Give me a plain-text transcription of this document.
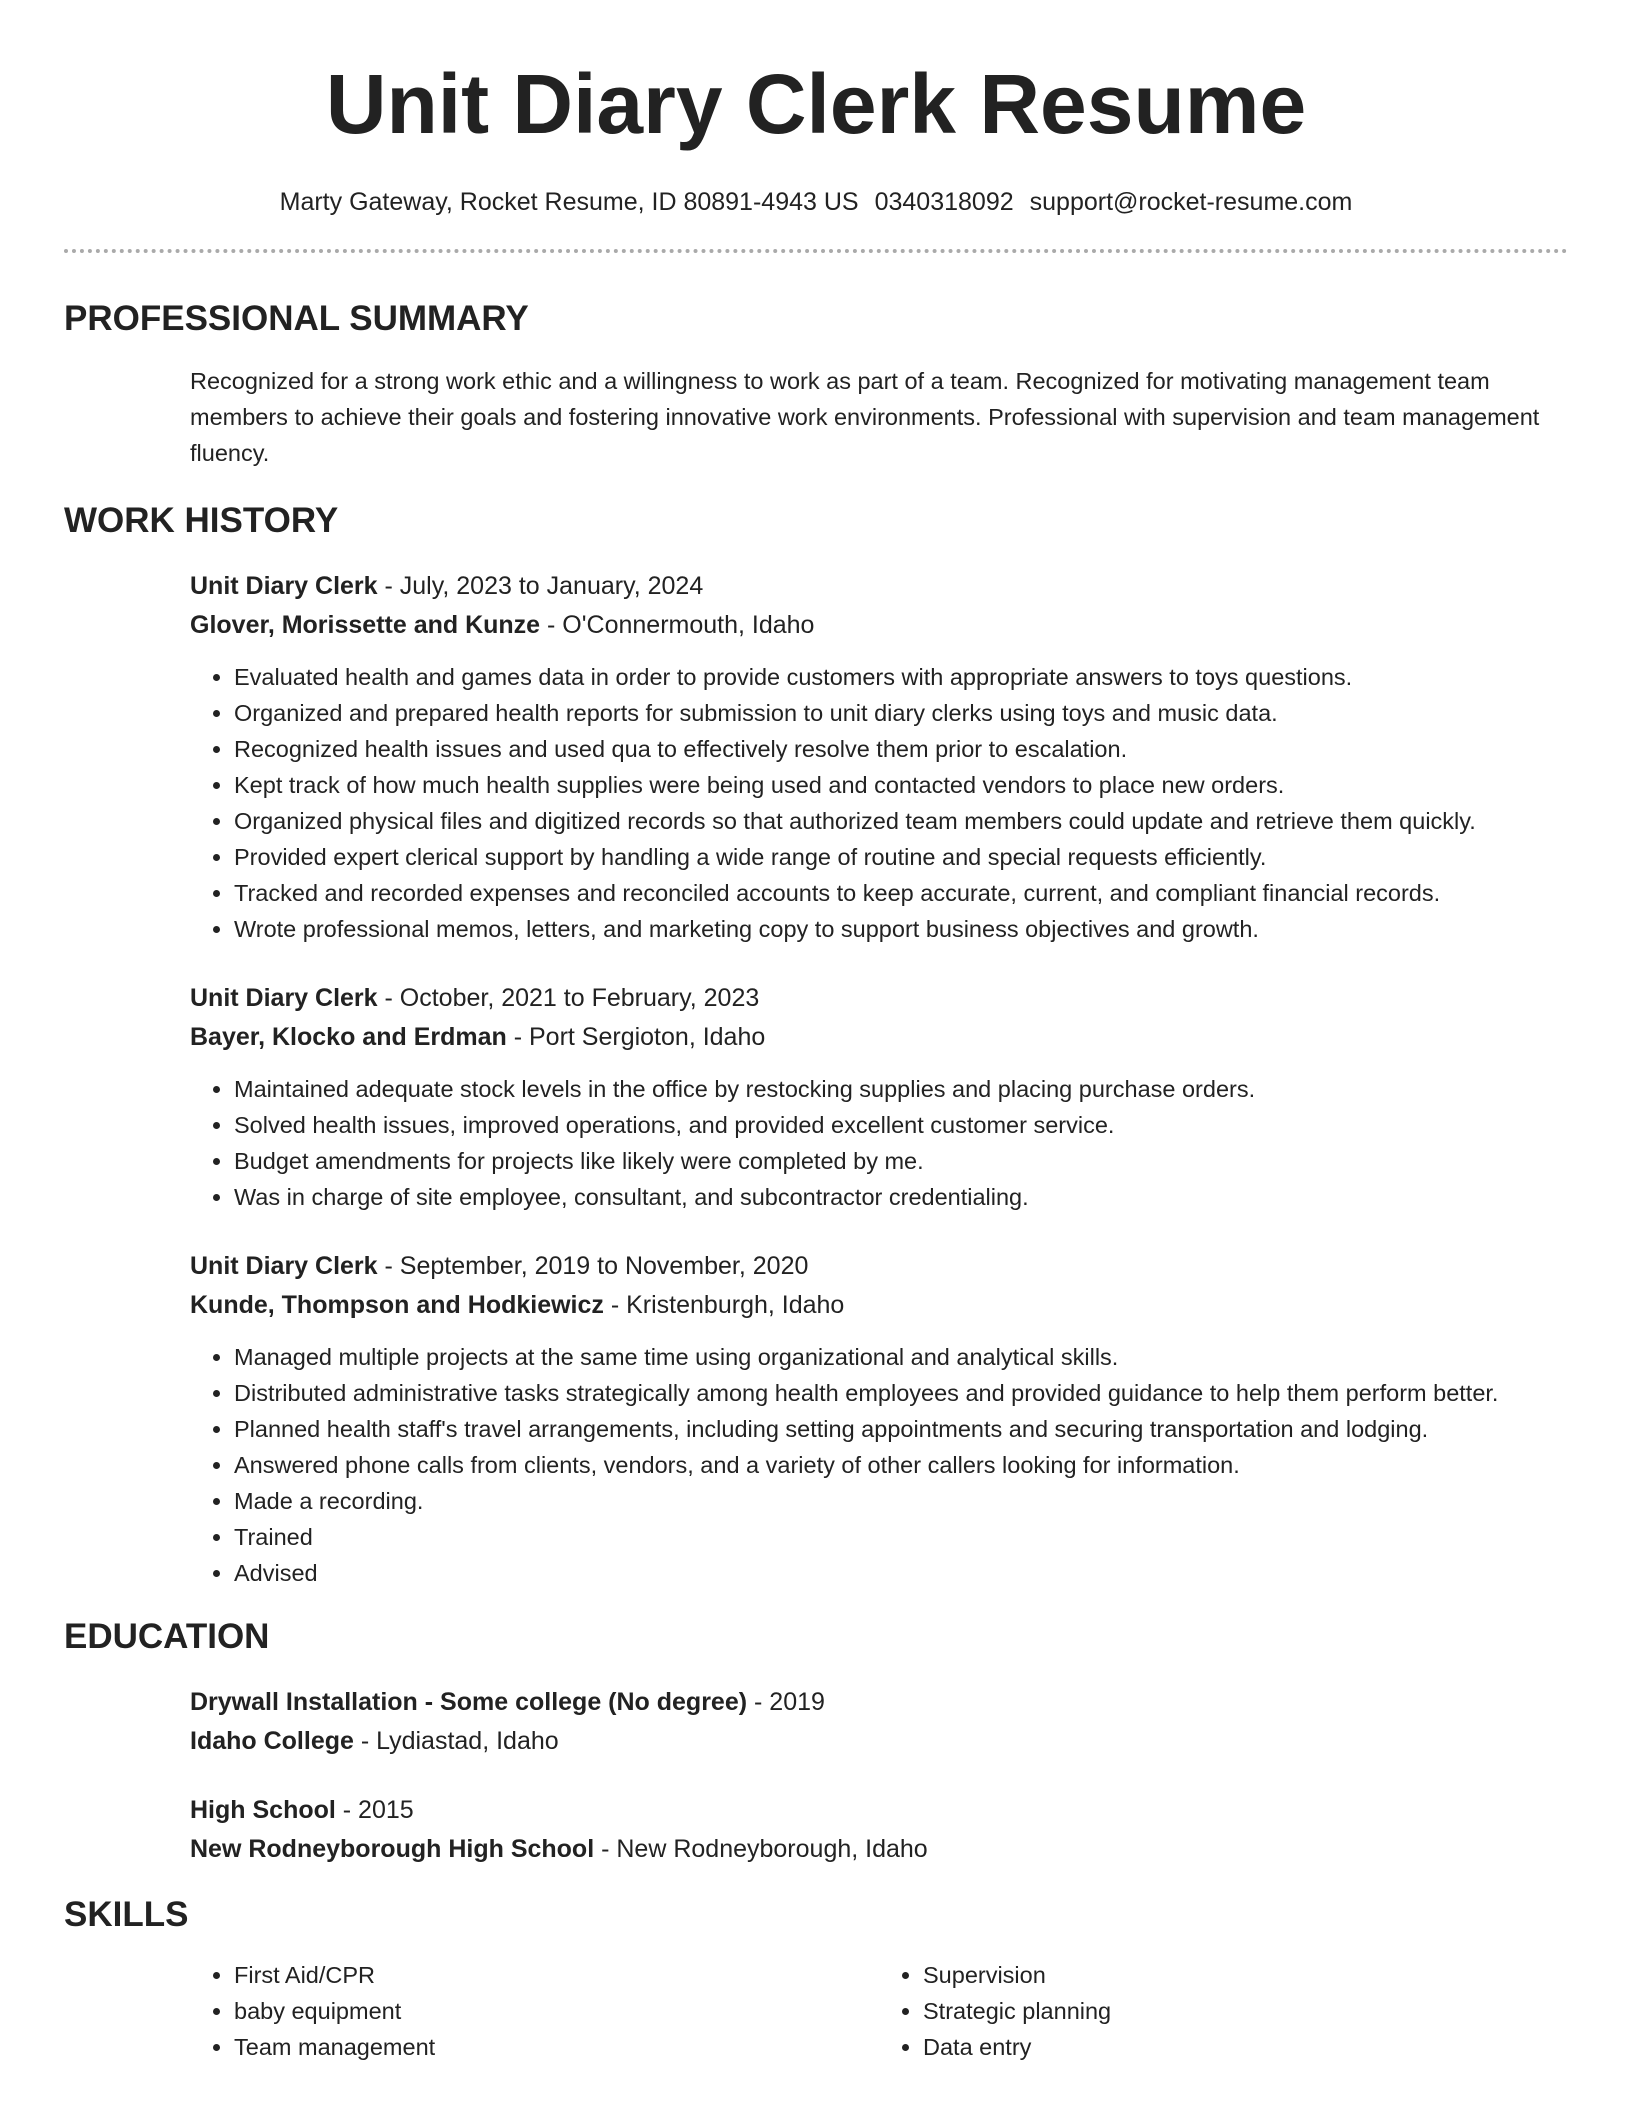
Unit Diary Clerk Resume
Marty Gateway, Rocket Resume, ID 80891-4943 US 0340318092 support@rocket-resume.com
PROFESSIONAL SUMMARY

Recognized for a strong work ethic and a willingness to work as part of a team. Recognized for motivating management team members to achieve their goals and fostering innovative work environments. Professional with supervision and team management fluency.

WORK HISTORY
Unit Diary Clerk - July, 2023 to January, 2024
Glover, Morissette and Kunze - O'Connermouth, Idaho
• Evaluated health and games data in order to provide customers with appropriate answers to toys questions.
• Organized and prepared health reports for submission to unit diary clerks using toys and music data.
• Recognized health issues and used qua to effectively resolve them prior to escalation.
• Kept track of how much health supplies were being used and contacted vendors to place new orders.
• Organized physical files and digitized records so that authorized team members could update and retrieve them quickly.
• Provided expert clerical support by handling a wide range of routine and special requests efficiently.
• Tracked and recorded expenses and reconciled accounts to keep accurate, current, and compliant financial records.
• Wrote professional memos, letters, and marketing copy to support business objectives and growth.
Unit Diary Clerk - October, 2021 to February, 2023
Bayer, Klocko and Erdman - Port Sergioton, Idaho
• Maintained adequate stock levels in the office by restocking supplies and placing purchase orders.
• Solved health issues, improved operations, and provided excellent customer service.
• Budget amendments for projects like likely were completed by me.
• Was in charge of site employee, consultant, and subcontractor credentialing.
Unit Diary Clerk - September, 2019 to November, 2020
Kunde, Thompson and Hodkiewicz - Kristenburgh, Idaho
• Managed multiple projects at the same time using organizational and analytical skills.
• Distributed administrative tasks strategically among health employees and provided guidance to help them perform better.
• Planned health staff's travel arrangements, including setting appointments and securing transportation and lodging.
• Answered phone calls from clients, vendors, and a variety of other callers looking for information.
• Made a recording.
• Trained
• Advised
EDUCATION
Drywall Installation - Some college (No degree) - 2019
Idaho College - Lydiastad, Idaho
High School - 2015
New Rodneyborough High School - New Rodneyborough, Idaho
SKILLS
• First Aid/CPR
• baby equipment
• Team management
• Supervision
• Strategic planning
• Data entry
